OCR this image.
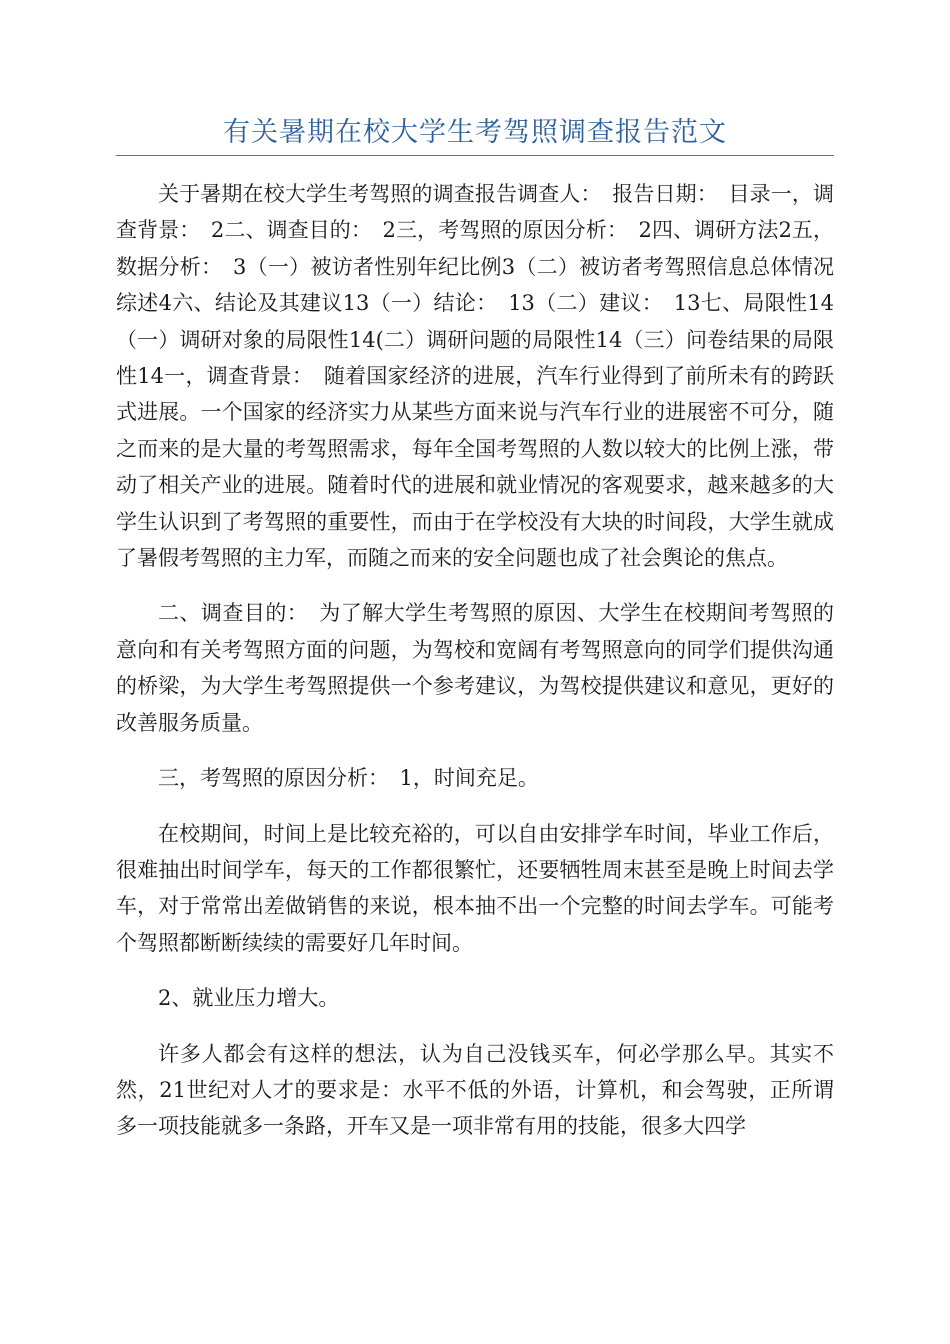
有关暑期在校大学生考驾照调查报告范文

关于暑期在校大学生考驾照的调查报告调查人：　报告日期：　目录一，调查背景：　2二、调查目的：　2三，考驾照的原因分析：　2四、调研方法2五，数据分析：　3（一）被访者性别年纪比例3（二）被访者考驾照信息总体情况综述4六、结论及其建议13（一）结论：　13（二）建议：　13七、局限性14（一）调研对象的局限性14(二）调研问题的局限性14（三）问卷结果的局限性14一，调查背景：　随着国家经济的进展，汽车行业得到了前所未有的跨跃式进展。一个国家的经济实力从某些方面来说与汽车行业的进展密不可分，随之而来的是大量的考驾照需求，每年全国考驾照的人数以较大的比例上涨，带动了相关产业的进展。随着时代的进展和就业情况的客观要求，越来越多的大学生认识到了考驾照的重要性，而由于在学校没有大块的时间段，大学生就成了暑假考驾照的主力军，而随之而来的安全问题也成了社会舆论的焦点。

二、调查目的：　为了解大学生考驾照的原因、大学生在校期间考驾照的意向和有关考驾照方面的问题，为驾校和宽阔有考驾照意向的同学们提供沟通的桥梁，为大学生考驾照提供一个参考建议，为驾校提供建议和意见，更好的改善服务质量。

三，考驾照的原因分析：　1，时间充足。

在校期间，时间上是比较充裕的，可以自由安排学车时间，毕业工作后，很难抽出时间学车，每天的工作都很繁忙，还要牺牲周末甚至是晚上时间去学车，对于常常出差做销售的来说，根本抽不出一个完整的时间去学车。可能考个驾照都断断续续的需要好几年时间。

2、就业压力增大。

许多人都会有这样的想法，认为自己没钱买车，何必学那么早。其实不然，21世纪对人才的要求是：水平不低的外语，计算机，和会驾驶，正所谓多一项技能就多一条路，开车又是一项非常有用的技能，很多大四学
